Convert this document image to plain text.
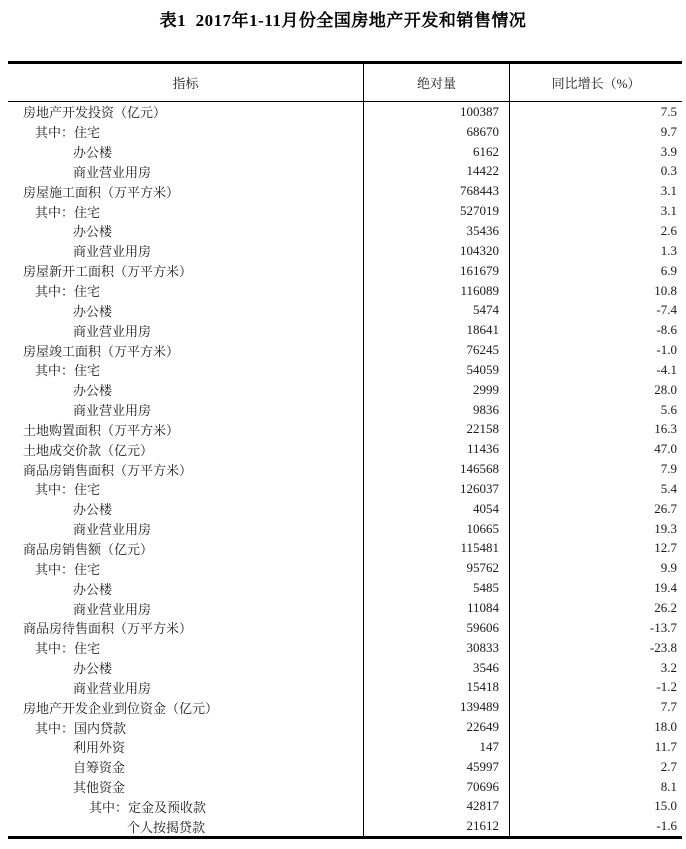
表1  2017年1-11月份全国房地产开发和销售情况
指标	绝对量	同比增长（%）
房地产开发投资（亿元）	100387	7.5
其中：住宅	68670	9.7
办公楼	6162	3.9
商业营业用房	14422	0.3
房屋施工面积（万平方米）	768443	3.1
其中：住宅	527019	3.1
办公楼	35436	2.6
商业营业用房	104320	1.3
房屋新开工面积（万平方米）	161679	6.9
其中：住宅	116089	10.8
办公楼	5474	-7.4
商业营业用房	18641	-8.6
房屋竣工面积（万平方米）	76245	-1.0
其中：住宅	54059	-4.1
办公楼	2999	28.0
商业营业用房	9836	5.6
土地购置面积（万平方米）	22158	16.3
土地成交价款（亿元）	11436	47.0
商品房销售面积（万平方米）	146568	7.9
其中：住宅	126037	5.4
办公楼	4054	26.7
商业营业用房	10665	19.3
商品房销售额（亿元）	115481	12.7
其中：住宅	95762	9.9
办公楼	5485	19.4
商业营业用房	11084	26.2
商品房待售面积（万平方米）	59606	-13.7
其中：住宅	30833	-23.8
办公楼	3546	3.2
商业营业用房	15418	-1.2
房地产开发企业到位资金（亿元）	139489	7.7
其中：国内贷款	22649	18.0
利用外资	147	11.7
自筹资金	45997	2.7
其他资金	70696	8.1
其中：定金及预收款	42817	15.0
个人按揭贷款	21612	-1.6
